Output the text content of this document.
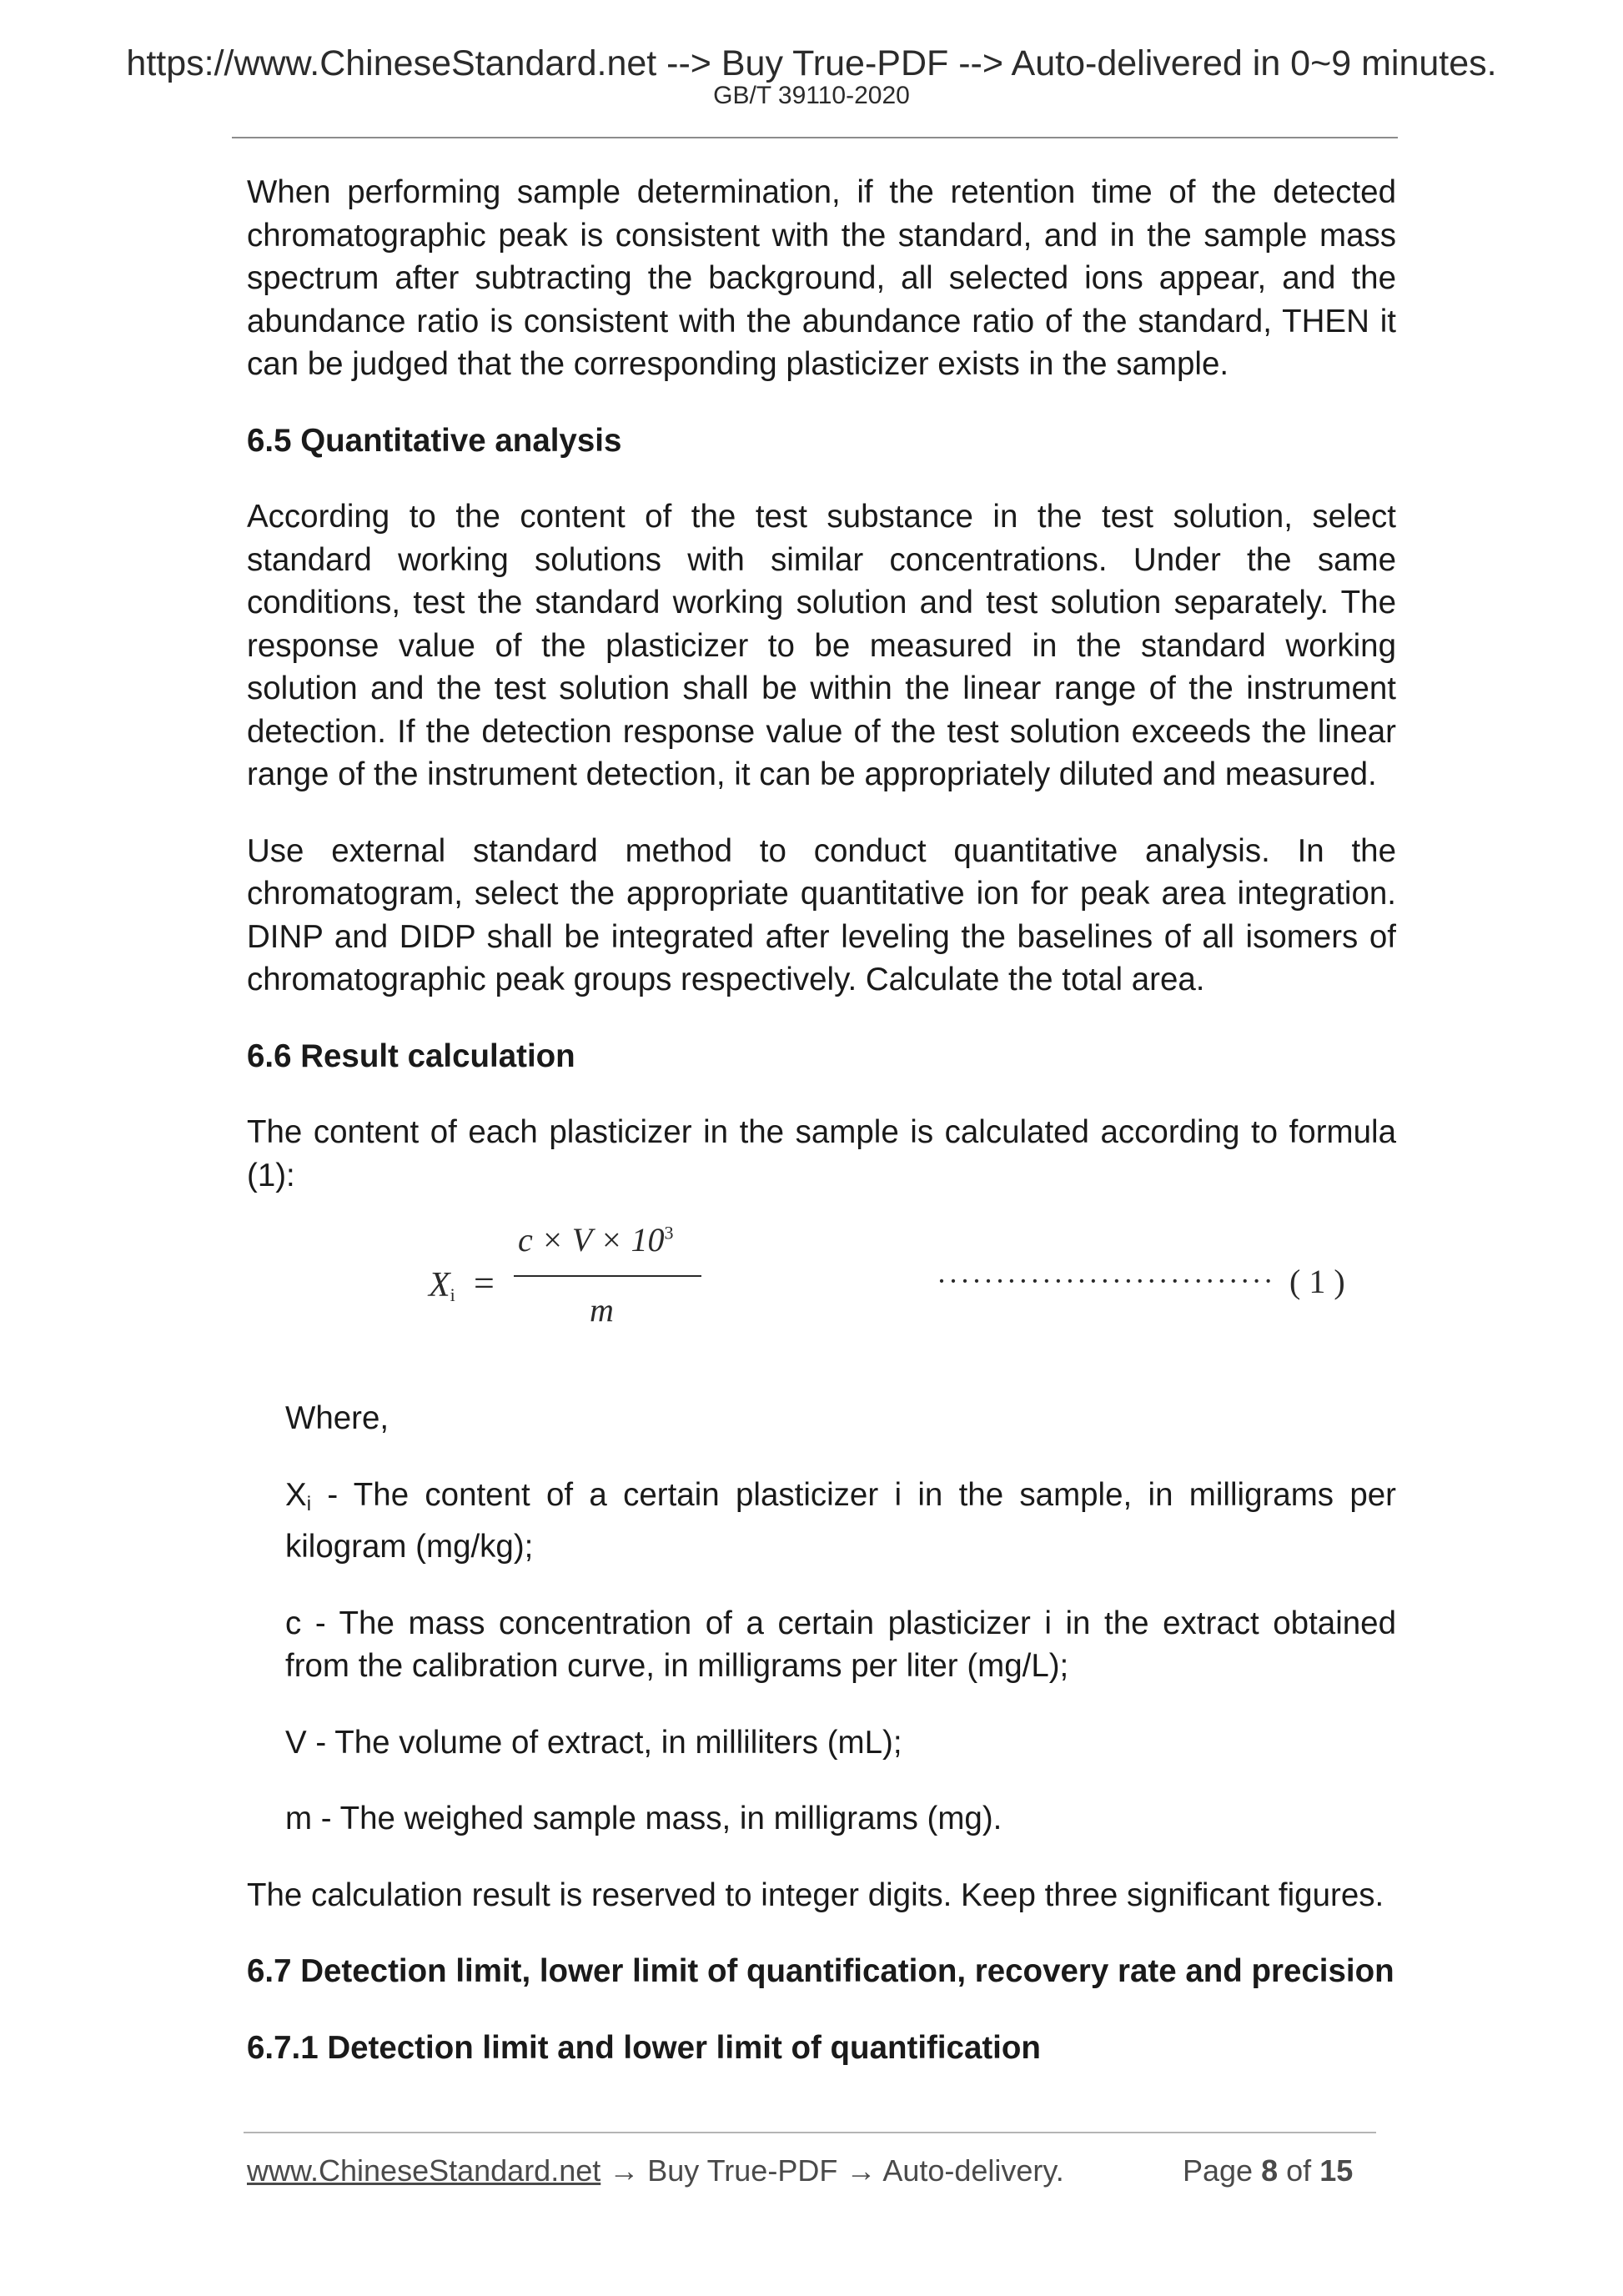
https://www.ChineseStandard.net --> Buy True-PDF --> Auto-delivered in 0~9 minutes.
GB/T 39110-2020

When performing sample determination, if the retention time of the detected chromatographic peak is consistent with the standard, and in the sample mass spectrum after subtracting the background, all selected ions appear, and the abundance ratio is consistent with the abundance ratio of the standard, THEN it can be judged that the corresponding plasticizer exists in the sample.

6.5 Quantitative analysis

According to the content of the test substance in the test solution, select standard working solutions with similar concentrations. Under the same conditions, test the standard working solution and test solution separately. The response value of the plasticizer to be measured in the standard working solution and the test solution shall be within the linear range of the instrument detection. If the detection response value of the test solution exceeds the linear range of the instrument detection, it can be appropriately diluted and measured.

Use external standard method to conduct quantitative analysis. In the chromatogram, select the appropriate quantitative ion for peak area integration. DINP and DIDP shall be integrated after leveling the baselines of all isomers of chromatographic peak groups respectively. Calculate the total area.

6.6 Result calculation

The content of each plasticizer in the sample is calculated according to formula (1):

Xi =
$c \times V \times 10^3$
m
····························· ( 1 )

Where,

$X_i$ - The content of a certain plasticizer i in the sample, in milligrams per kilogram (mg/kg);

c - The mass concentration of a certain plasticizer i in the extract obtained from the calibration curve, in milligrams per liter (mg/L);

V - The volume of extract, in milliliters (mL);

m - The weighed sample mass, in milligrams (mg).

The calculation result is reserved to integer digits. Keep three significant figures.

6.7 Detection limit, lower limit of quantification, recovery rate and precision

6.7.1 Detection limit and lower limit of quantification

www.ChineseStandard.net → Buy True-PDF → Auto-delivery.	Page 8 of 15
